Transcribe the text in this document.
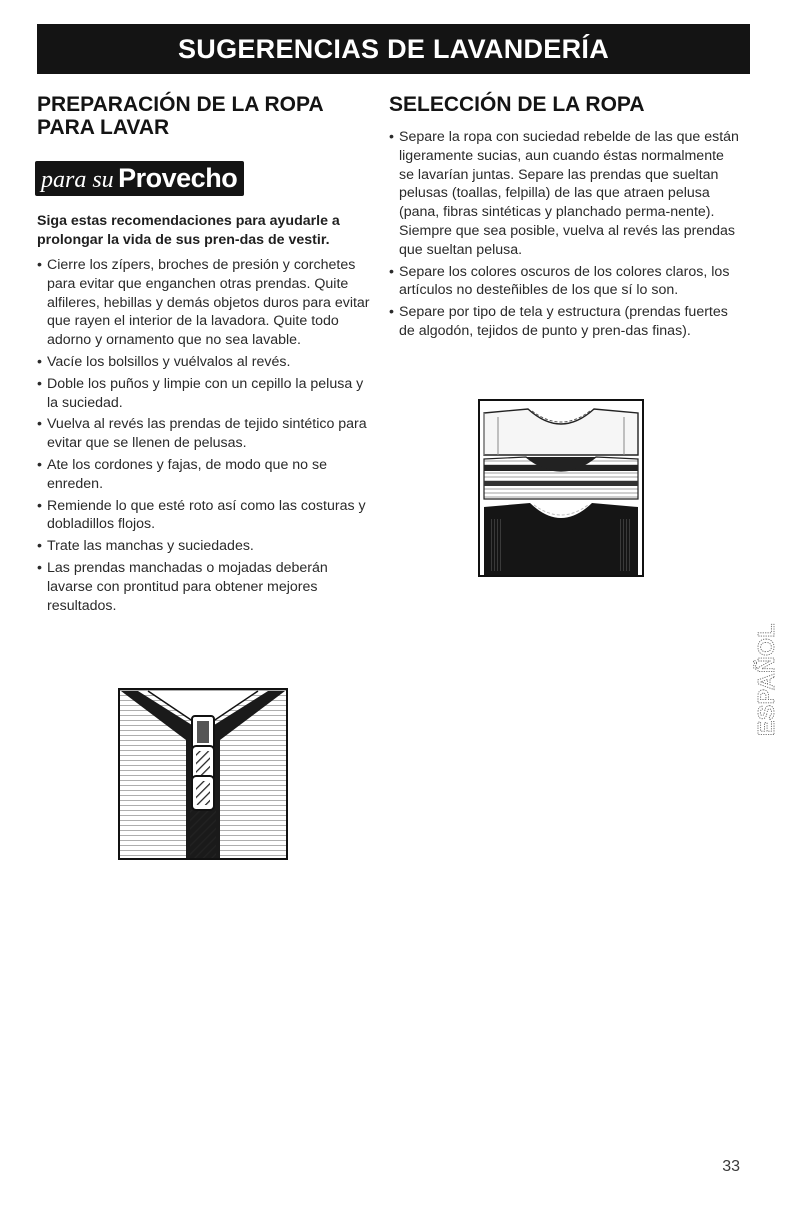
SUGERENCIAS DE LAVANDERÍA
PREPARACIÓN DE LA ROPA
PARA LAVAR
para su Provecho

Siga estas recomendaciones para ayudarle a prolongar la vida de sus pren-das de vestir.

• Cierre los zípers, broches de presión y corchetes para evitar que enganchen otras prendas. Quite alfileres, hebillas y demás objetos duros para evitar que rayen el interior de la lavadora. Quite todo adorno y ornamento que no sea lavable.
• Vacíe los bolsillos y vuélvalos al revés.
• Doble los puños y limpie con un cepillo la pelusa y la suciedad.
• Vuelva al revés las prendas de tejido sintético para evitar que se llenen de pelusas.
• Ate los cordones y fajas, de modo que no se enreden.
• Remiende lo que esté roto así como las costuras y dobladillos flojos.
• Trate las manchas y suciedades.
• Las prendas manchadas o mojadas deberán lavarse con prontitud para obtener mejores resultados.
SELECCIÓN DE LA ROPA
• Separe la ropa con suciedad rebelde de las que están ligeramente sucias, aun cuando éstas normalmente se lavarían juntas. Separe las prendas que sueltan pelusas (toallas, felpilla) de las que atraen pelusa (pana, fibras sintéticas y planchado perma-nente). Siempre que sea posible, vuelva al revés las prendas que sueltan pelusa.
• Separe los colores oscuros de los colores claros, los artículos no desteñibles de los que sí lo son.
• Separe por tipo de tela y estructura (prendas fuertes de algodón, tejidos de punto y pren-das finas).
ESPAÑOL
33
